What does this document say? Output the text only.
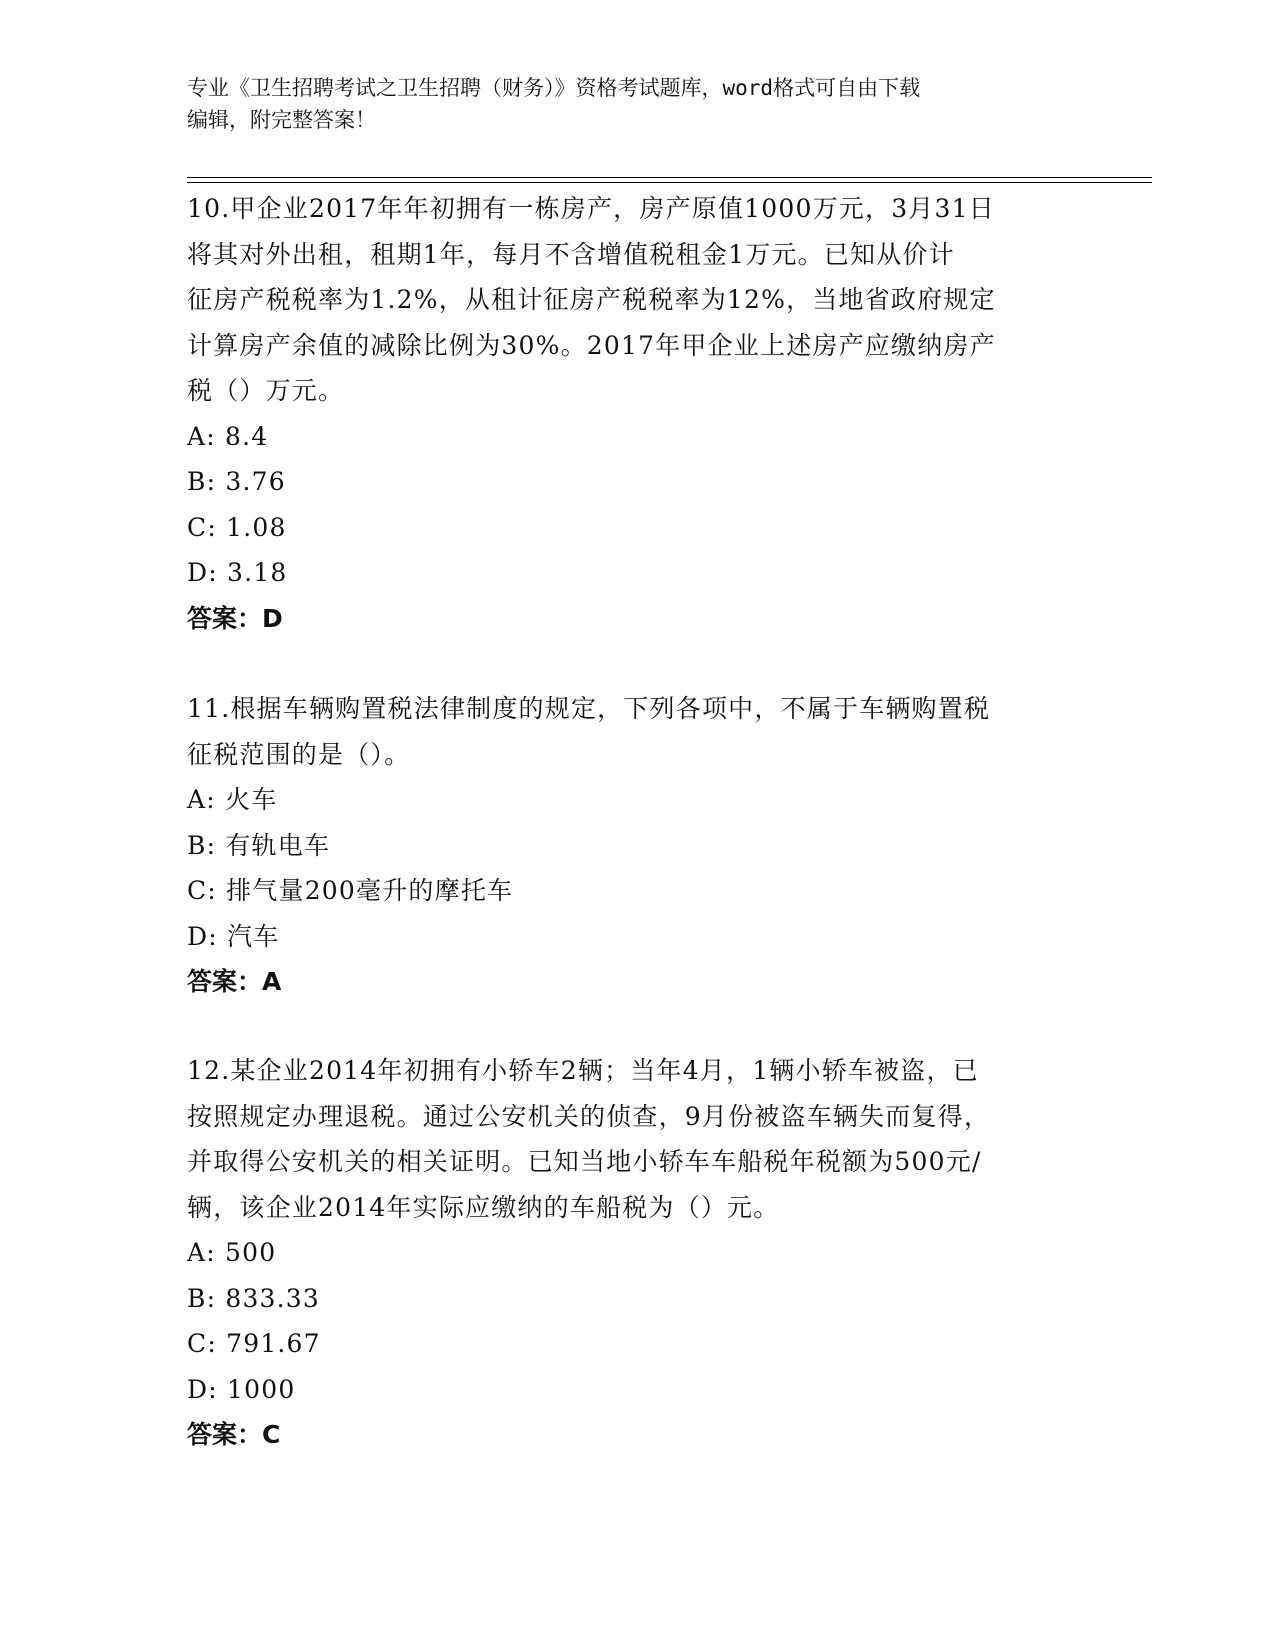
专业《卫生招聘考试之卫生招聘（财务）》资格考试题库，word格式可自由下载
编辑，附完整答案！
10.甲企业2017年年初拥有一栋房产，房产原值1000万元，3月31日
将其对外出租，租期1年，每月不含增值税租金1万元。已知从价计
征房产税税率为1.2%，从租计征房产税税率为12%，当地省政府规定
计算房产余值的减除比例为30%。2017年甲企业上述房产应缴纳房产
税（）万元。
A: 8.4
B: 3.76
C: 1.08
D: 3.18
答案：D
11.根据车辆购置税法律制度的规定，下列各项中，不属于车辆购置税
征税范围的是（）。
A: 火车
B: 有轨电车
C: 排气量200毫升的摩托车
D: 汽车
答案：A
12.某企业2014年初拥有小轿车2辆；当年4月，1辆小轿车被盗，已
按照规定办理退税。通过公安机关的侦查，9月份被盗车辆失而复得，
并取得公安机关的相关证明。已知当地小轿车车船税年税额为500元/
辆，该企业2014年实际应缴纳的车船税为（）元。
A: 500
B: 833.33
C: 791.67
D: 1000
答案：C
